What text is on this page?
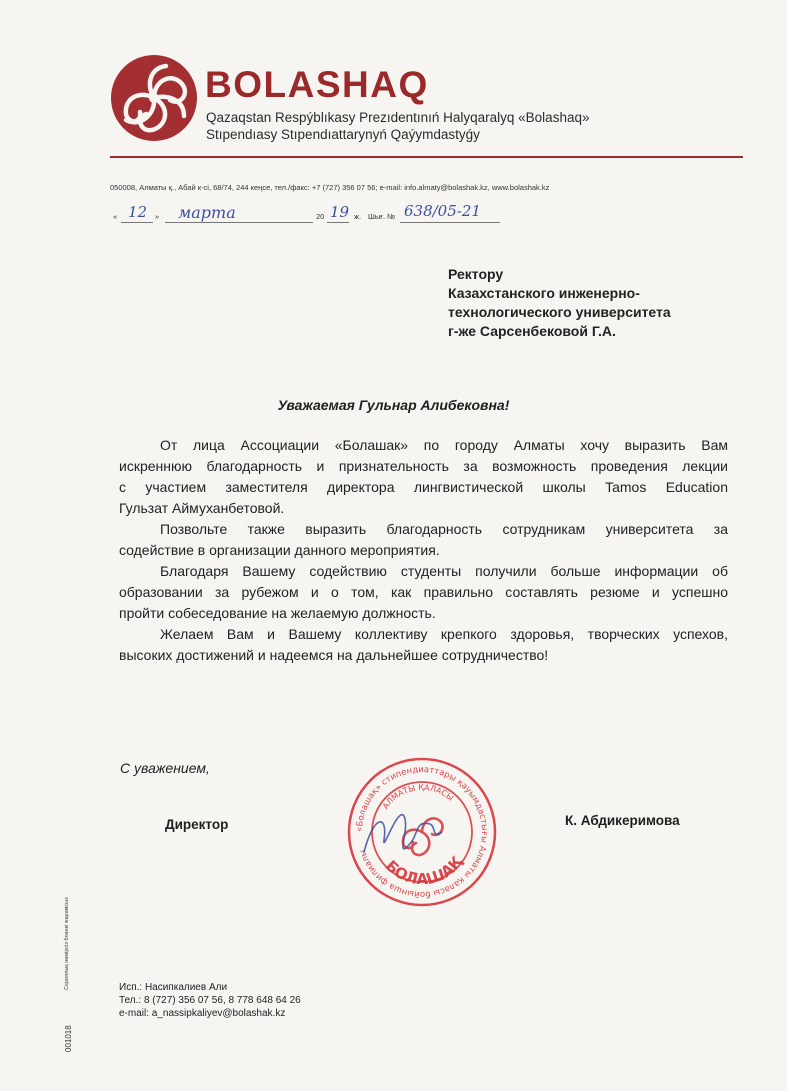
BOLASHAQ
Qazaqstan Respýblıkasy Prezıdentınıń Halyqaralyq «Bolashaq»
Stıpendıasy Stıpendıattarynyń Qaýymdastyǵy
050008, Алматы қ., Абай к-сі, 68/74, 244 кеңсе, тел./факс: +7 (727) 356 07 56; e-mail: info.almaty@bolashak.kz, www.bolashak.kz
« 12 » марта	20 19 ж. Шығ. № 638/05-21
Ректору
Казахстанского инженерно-
технологического университета
г-же Сарсенбековой Г.А.
Уважаемая Гульнар Алибековна!
От лица Ассоциации «Болашак» по городу Алматы хочу выразить Вам
искреннюю благодарность и признательность за возможность проведения лекции
с участием заместителя директора лингвистической школы Tamos Education
Гульзат Аймуханбетовой.
Позвольте также выразить благодарность сотрудникам университета за
содействие в организации данного мероприятия.
Благодаря Вашему содействию студенты получили больше информации об
образовании за рубежом и о том, как правильно составлять резюме и успешно
пройти собеседование на желаемую должность.
Желаем Вам и Вашему коллективу крепкого здоровья, творческих успехов,
высоких достижений и надеемся на дальнейшее сотрудничество!
С уважением,
Директор	К. Абдикеримова
«Болашақ» стипендиаттары қауымдастығы Алматы қаласы бойынша филиалы
АЛМАТЫ ҚАЛАСЫ
БОЛАШАҚ
Исп.: Насипкалиев Али
Тел.: 8 (727) 356 07 56, 8 778 648 64 26
e-mail: a_nassipkaliyev@bolashak.kz
Сериялық нөмірсіз бланкі жарамсыз
001018
